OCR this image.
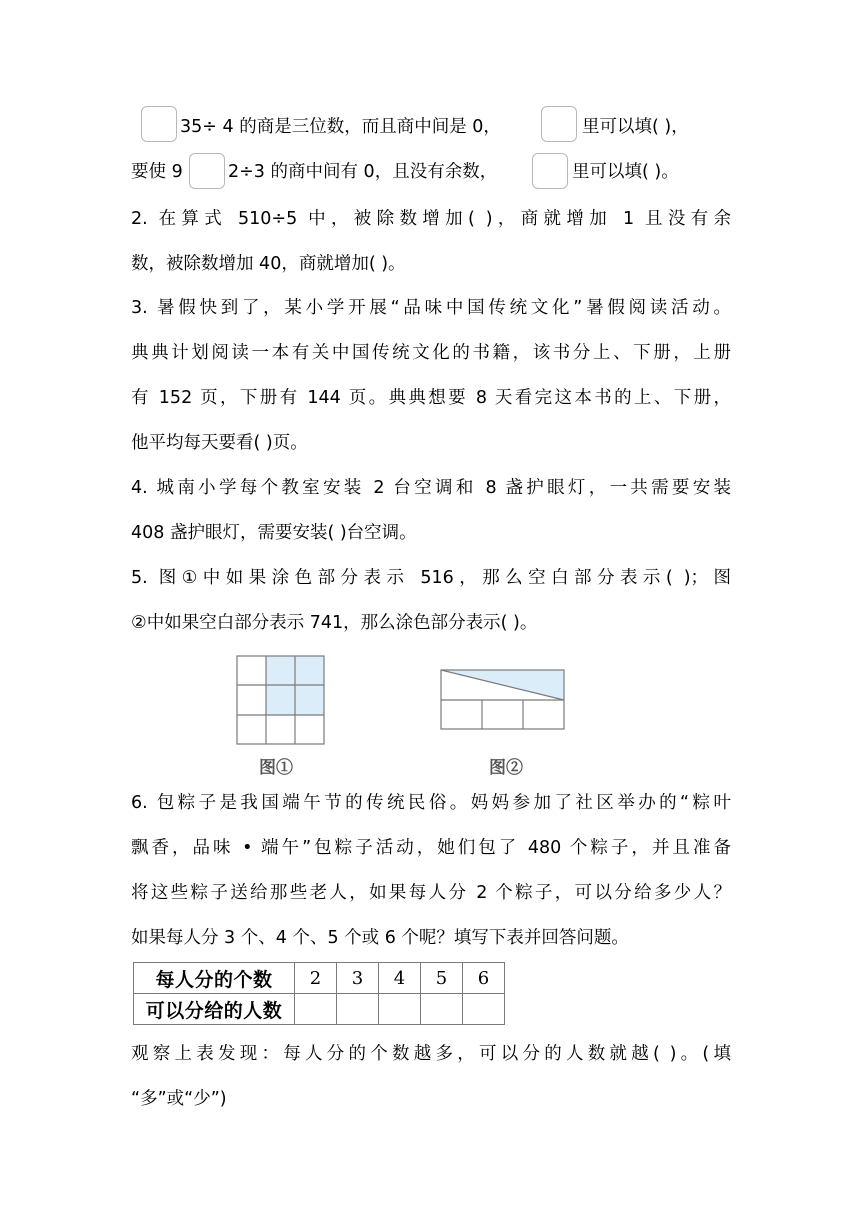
35÷ 4 的商是三位数，而且商中间是 0，	里可以填( )，
要使 9	2÷3 的商中间有 0，且没有余数，	里可以填( )。
2. 在算式 510÷5 中，被除数增加( )，商就增加 1 且没有余
数，被除数增加 40，商就增加( )。
3. 暑假快到了，某小学开展“品味中国传统文化”暑假阅读活动。
典典计划阅读一本有关中国传统文化的书籍，该书分上、下册，上册
有 152 页，下册有 144 页。典典想要 8 天看完这本书的上、下册，
他平均每天要看( )页。
4. 城南小学每个教室安装 2 台空调和 8 盏护眼灯，一共需要安装
408 盏护眼灯，需要安装( )台空调。
5. 图①中如果涂色部分表示 516，那么空白部分表示( )；图
②中如果空白部分表示 741，那么涂色部分表示( )。
图①	图②
6. 包粽子是我国端午节的传统民俗。妈妈参加了社区举办的“粽叶
飘香，品味 • 端午”包粽子活动，她们包了 480 个粽子，并且准备
将这些粽子送给那些老人，如果每人分 2 个粽子，可以分给多少人？
如果每人分 3 个、4 个、5 个或 6 个呢？填写下表并回答问题。
每人分的个数	2	3	4	5	6
可以分给的人数					
观察上表发现：每人分的个数越多，可以分的人数就越( )。(填
“多”或“少”)
